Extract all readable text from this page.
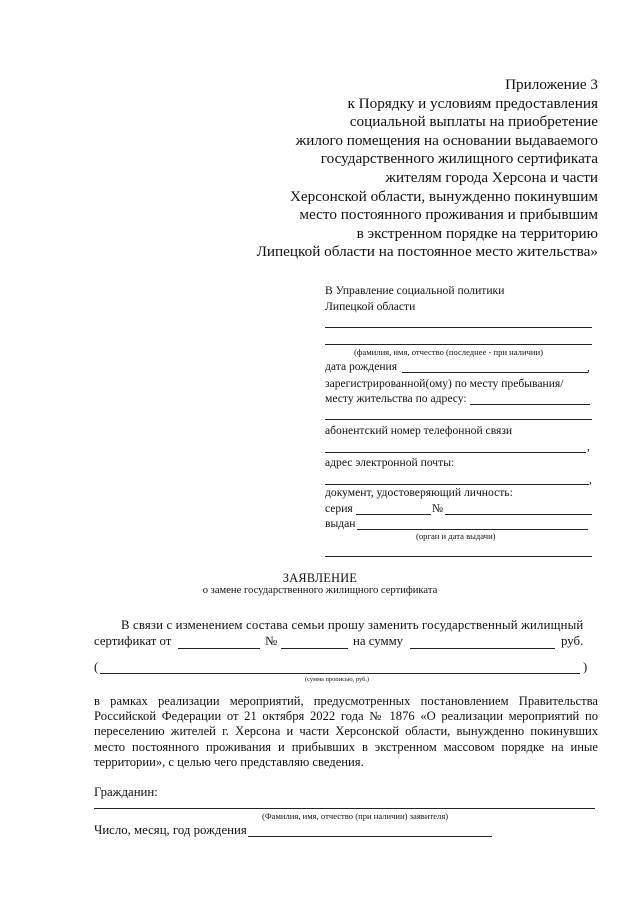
Приложение 3
к Порядку и условиям предоставления
социальной выплаты на приобретение
жилого помещения на основании выдаваемого
государственного жилищного сертификата
жителям города Херсона и части
Херсонской области, вынужденно покинувшим
место постоянного проживания и прибывшим
в экстренном порядке на территорию
Липецкой области на постоянное место жительства»
В Управление социальной политики
Липецкой области
(фамилия, имя, отчество (последнее - при наличии)
дата рождения	,
зарегистрированной(ому) по месту пребывания/
месту жительства по адресу:
абонентский номер телефонной связи
,
адрес электронной почты:
,
документ, удостоверяющий личность:
серия	№
выдан
(орган и дата выдачи)
ЗАЯВЛЕНИЕ
о замене государственного жилищного сертификата
В связи с изменением состава семьи прошу заменить государственный жилищный
сертификат от	№	на сумму	руб.
(	)
(сумма прописью, руб.)
в рамках реализации мероприятий, предусмотренных постановлением Правительства Российской Федерации от 21 октября 2022 года № 1876 «О реализации мероприятий по переселению жителей г. Херсона и части Херсонской области, вынужденно покинувших место постоянного проживания и прибывших в экстренном массовом порядке на иные территории», с целью чего представляю сведения.
Гражданин:
(Фамилия, имя, отчество (при наличии) заявителя)
Число, месяц, год рождения
